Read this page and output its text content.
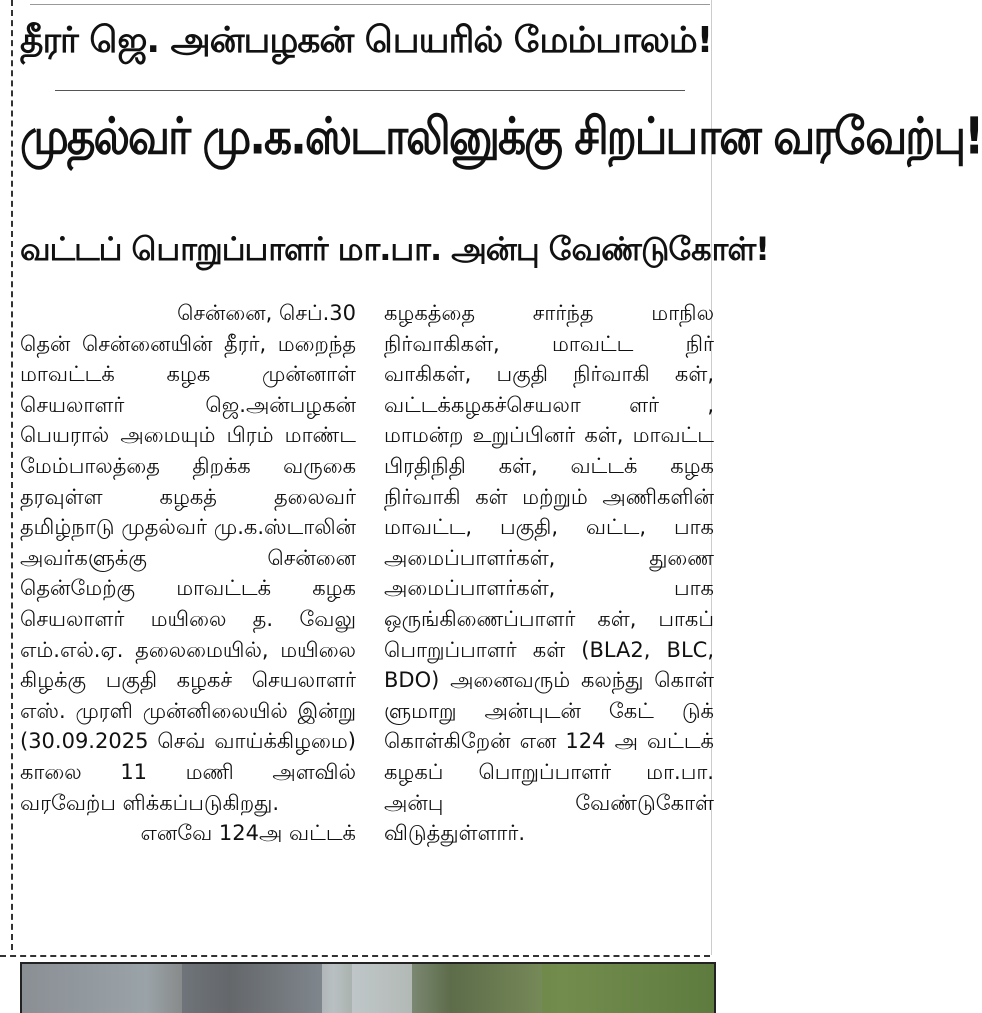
தீரர் ஜெ. அன்பழகன் பெயரில் மேம்பாலம்!
முதல்வர் மு.க.ஸ்டாலினுக்கு சிறப்பான வரவேற்பு!
வட்டப் பொறுப்பாளர் மா.பா. அன்பு வேண்டுகோள்!
சென்னை, செப்.30

தென் சென்னையின் தீரர், மறைந்த மாவட்டக் கழக முன்னாள் செயலாளர் ஜெ.அன்பழகன் பெயரால் அமையும் பிரம் மாண்ட மேம்பாலத்தை திறக்க வருகை தரவுள்ள கழகத் தலைவர் தமிழ்நாடு முதல்வர் மு.க.ஸ்டாலின் அவர்களுக்கு சென்னை தென்மேற்கு மாவட்டக் கழக செயலாளர் மயிலை த. வேலு எம்.எல்.ஏ. தலைமையில், மயிலை கிழக்கு பகுதி கழகச் செயலாளர் எஸ். முரளி முன்னிலையில் இன்று (30.09.2025 செவ் வாய்க்கிழமை) காலை 11 மணி அளவில் வரவேற்ப ளிக்கப்படுகிறது.

எனவே 124அ வட்டக்

கழகத்தை சார்ந்த மாநில நிர்வாகிகள், மாவட்ட நிர் வாகிகள், பகுதி நிர்வாகி கள், வட்டக்கழகச்செயலா ளர் , மாமன்ற உறுப்பினர் கள், மாவட்ட பிரதிநிதி கள், வட்டக் கழக நிர்வாகி கள் மற்றும் அணிகளின் மாவட்ட, பகுதி, வட்ட, பாக அமைப்பாளர்கள், துணை அமைப்பாளர்கள், பாக ஒருங்கிணைப்பாளர் கள், பாகப் பொறுப்பாளர் கள் (BLA2, BLC, BDO) அனைவரும் கலந்து கொள் ளுமாறு அன்புடன் கேட் டுக் கொள்கிறேன் என 124 அ வட்டக் கழகப் பொறுப்பாளர் மா.பா. அன்பு வேண்டுகோள் விடுத்துள்ளார்.
